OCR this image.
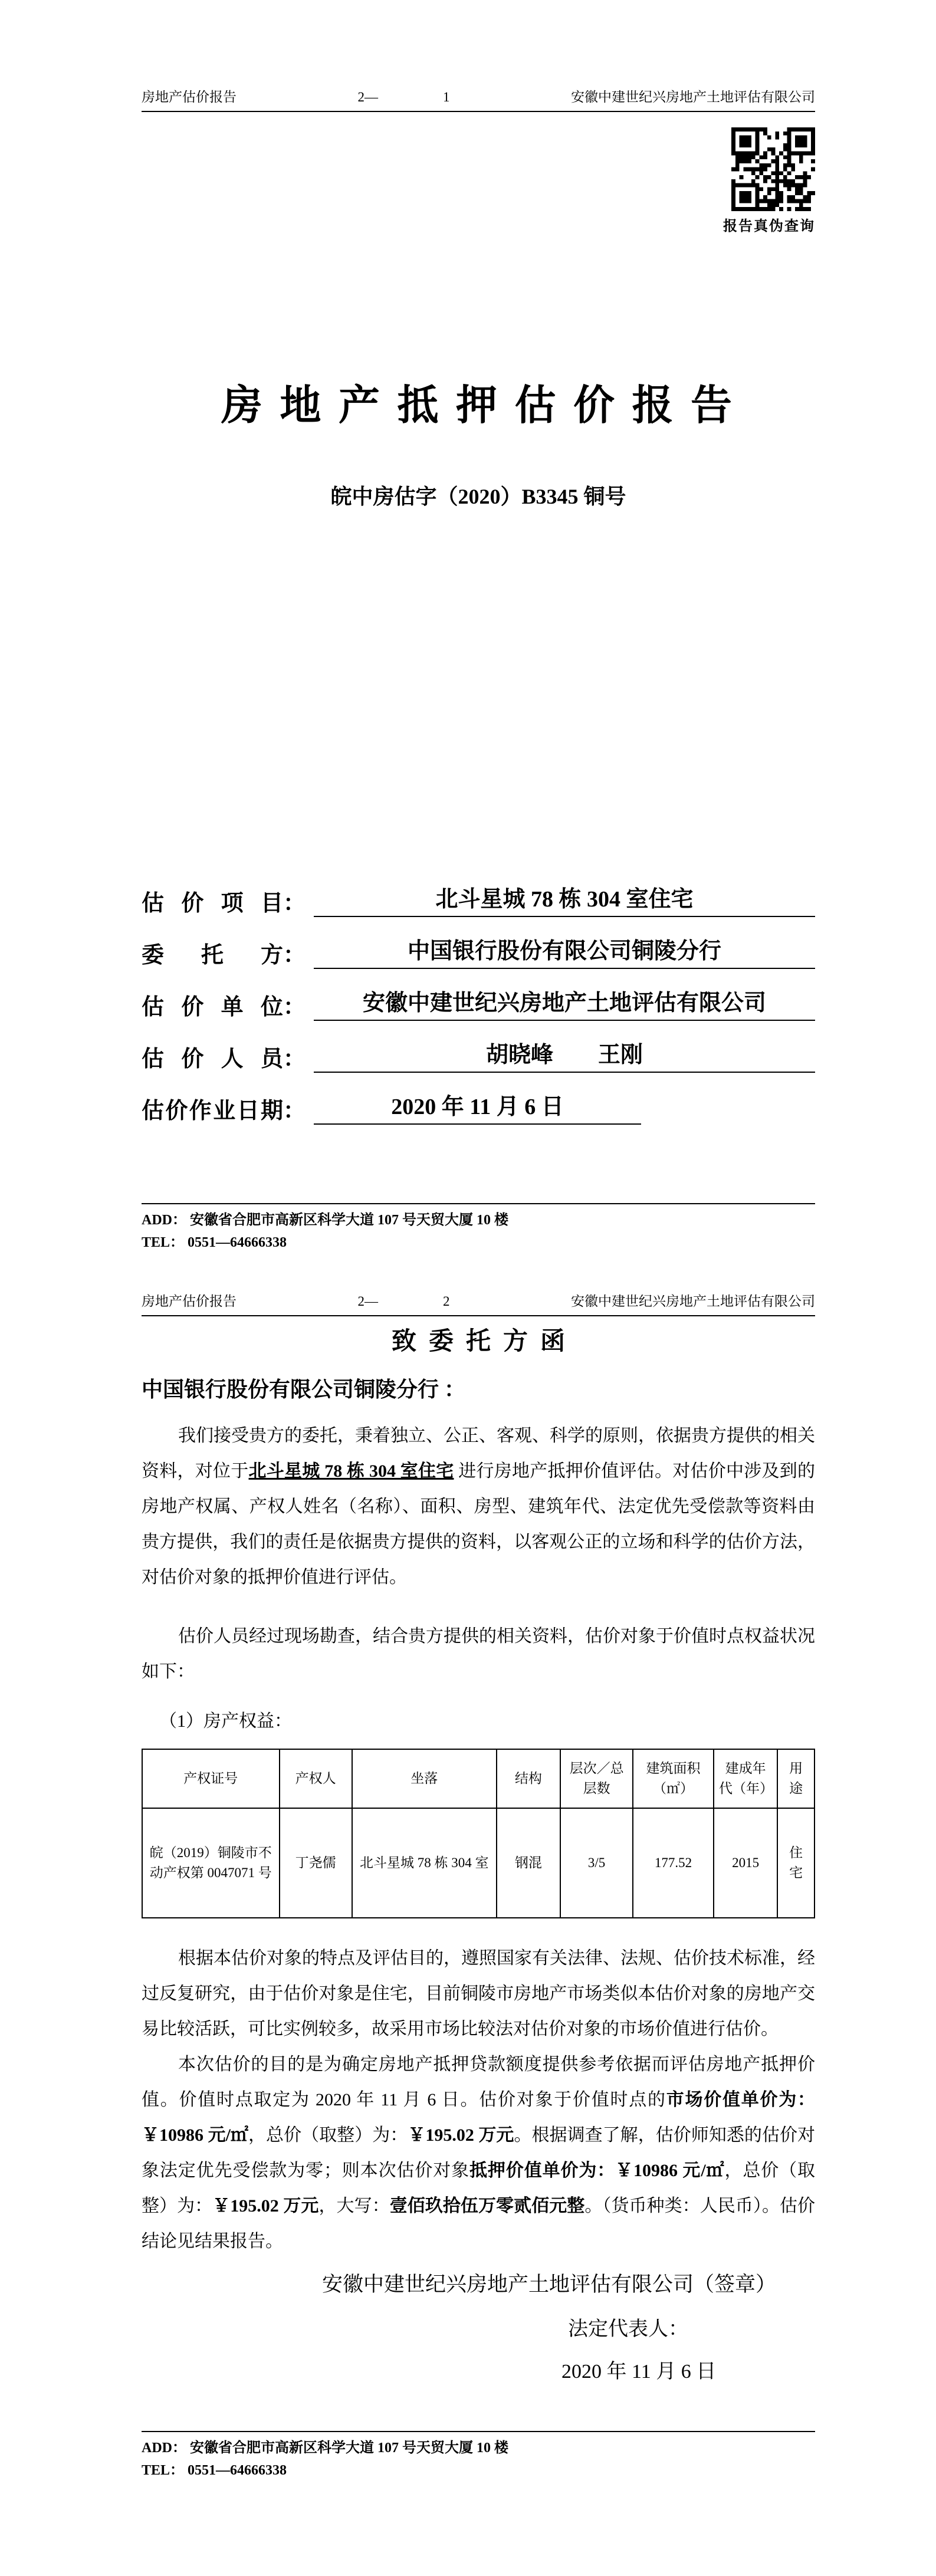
房地产估价报告	2—	1	安徽中建世纪兴房地产土地评估有限公司
报告真伪查询
房 地 产 抵 押 估 价 报 告
皖中房估字（2020）B3345 铜号
估价项目：	北斗星城 78 栋 304 室住宅
委托方：	中国银行股份有限公司铜陵分行
估价单位：	安徽中建世纪兴房地产土地评估有限公司
估价人员：	胡晓峰        王刚
估价作业日期：	2020 年 11 月 6 日
ADD： 安徽省合肥市高新区科学大道 107 号天贸大厦 10 楼
TEL： 0551—64666338
房地产估价报告	2—	2	安徽中建世纪兴房地产土地评估有限公司
致  委  托  方  函
中国银行股份有限公司铜陵分行 ：

我们接受贵方的委托，秉着独立、公正、客观、科学的原则，依据贵方提供的相关资料，对位于北斗星城 78 栋 304 室住宅 进行房地产抵押价值评估。对估价中涉及到的房地产权属、产权人姓名（名称）、面积、房型、建筑年代、法定优先受偿款等资料由贵方提供，我们的责任是依据贵方提供的资料，以客观公正的立场和科学的估价方法，对估价对象的抵押价值进行评估。

估价人员经过现场勘查，结合贵方提供的相关资料，估价对象于价值时点权益状况如下：

（1）房产权益：

产权证号	产权人	坐落	结构	层次／总层数	建筑面积（㎡）	建成年代（年）	用途
皖（2019）铜陵市不动产权第 0047071 号	丁尧儒	北斗星城 78 栋 304 室	钢混	3/5	177.52	2015	住宅

根据本估价对象的特点及评估目的，遵照国家有关法律、法规、估价技术标准，经过反复研究，由于估价对象是住宅，目前铜陵市房地产市场类似本估价对象的房地产交易比较活跃，可比实例较多，故采用市场比较法对估价对象的市场价值进行估价。

本次估价的目的是为确定房地产抵押贷款额度提供参考依据而评估房地产抵押价值。价值时点取定为 2020 年 11 月 6 日。估价对象于价值时点的市场价值单价为：￥10986 元/㎡，总价（取整）为：￥195.02 万元。根据调查了解，估价师知悉的估价对象法定优先受偿款为零；则本次估价对象抵押价值单价为：￥10986 元/㎡，总价（取整）为：￥195.02 万元，大写：壹佰玖拾伍万零贰佰元整。（货币种类：人民币）。估价结论见结果报告。

安徽中建世纪兴房地产土地评估有限公司（签章）
法定代表人：
2020 年 11 月 6 日
ADD： 安徽省合肥市高新区科学大道 107 号天贸大厦 10 楼
TEL： 0551—64666338
